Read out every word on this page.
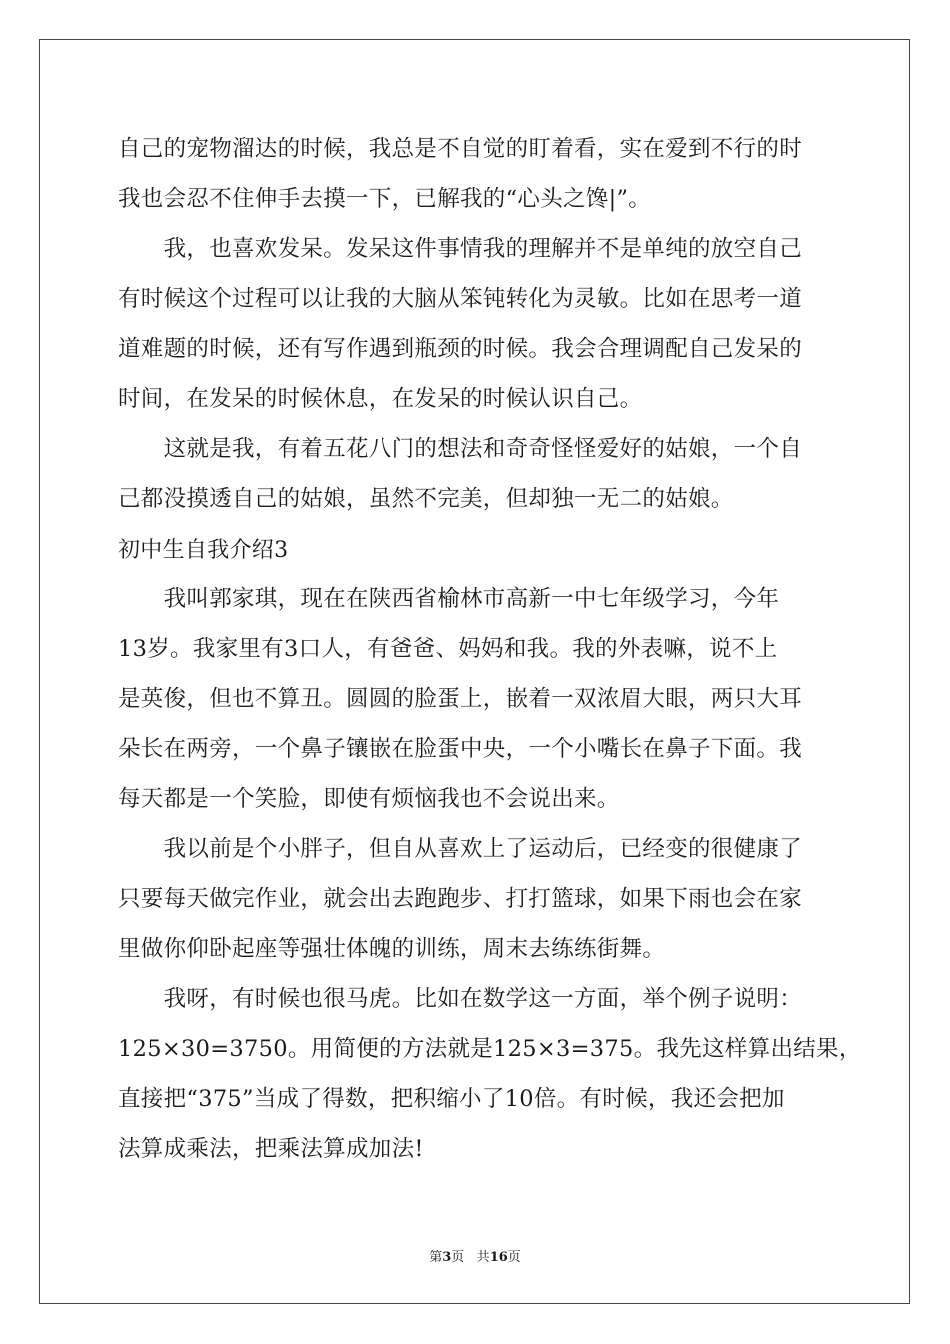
自己的宠物溜达的时候，我总是不自觉的盯着看，实在爱到不行的时
我也会忍不住伸手去摸一下，已解我的“心头之馋|”。
　　我，也喜欢发呆。发呆这件事情我的理解并不是单纯的放空自己
有时候这个过程可以让我的大脑从笨钝转化为灵敏。比如在思考一道
道难题的时候，还有写作遇到瓶颈的时候。我会合理调配自己发呆的
时间，在发呆的时候休息，在发呆的时候认识自己。
　　这就是我，有着五花八门的想法和奇奇怪怪爱好的姑娘，一个自
己都没摸透自己的姑娘，虽然不完美，但却独一无二的姑娘。
初中生自我介绍3
　　我叫郭家琪，现在在陕西省榆林市高新一中七年级学习，今年
13岁。我家里有3口人，有爸爸、妈妈和我。我的外表嘛，说不上
是英俊，但也不算丑。圆圆的脸蛋上，嵌着一双浓眉大眼，两只大耳
朵长在两旁，一个鼻子镶嵌在脸蛋中央，一个小嘴长在鼻子下面。我
每天都是一个笑脸，即使有烦恼我也不会说出来。
　　我以前是个小胖子，但自从喜欢上了运动后，已经变的很健康了
只要每天做完作业，就会出去跑跑步、打打篮球，如果下雨也会在家
里做你仰卧起座等强壮体魄的训练，周末去练练街舞。
　　我呀，有时候也很马虎。比如在数学这一方面，举个例子说明：
125×30=3750。用简便的方法就是125×3=375。我先这样算出结果，
直接把“375”当成了得数，把积缩小了10倍。有时候，我还会把加
法算成乘法，把乘法算成加法!
第3页 共16页
